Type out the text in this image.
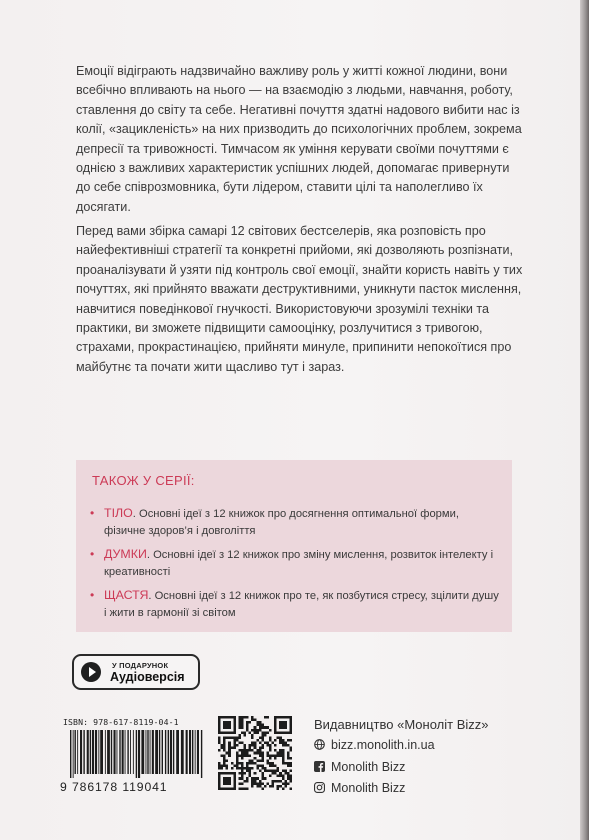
Емоції відіграють надзвичайно важливу роль у житті кожної людини, вони всебічно впливають на нього — на взаємодію з людьми, навчання, роботу, ставлення до світу та себе. Негативні почуття здатні надового вибити нас із колії, «зацикленість» на них призводить до психологічних проблем, зокрема депресії та тривожності. Тимчасом як уміння керувати своїми почуттями є однією з важливих характеристик успішних людей, допомагає привернути до себе співрозмовника, бути лідером, ставити цілі та наполегливо їх досягати.

Перед вами збірка самарі 12 світових бестселерів, яка розповість про найефективніші стратегії та конкретні прийоми, які дозволяють розпізнати, проаналізувати й узяти під контроль свої емоції, знайти користь навіть у тих почуттях, які прийнято вважати деструктивними, уникнути пасток мислення, навчитися поведінкової гнучкості. Використовуючи зрозумілі техніки та практики, ви зможете підвищити самооцінку, розлучитися з тривогою, страхами, прокрастинацією, прийняти минуле, припинити непокоїтися про майбутнє та почати жити щасливо тут і зараз.

ТАКОЖ У СЕРІЇ:
• ТІЛО. Основні ідеї з 12 книжок про досягнення оптимальної форми, фізичне здоров’я і довголіття
• ДУМКИ. Основні ідеї з 12 книжок про зміну мислення, розвиток інтелекту і креативності
• ЩАСТЯ. Основні ідеї з 12 книжок про те, як позбутися стресу, зцілити душу і жити в гармонії зі світом
У ПОДАРУНОК
Аудіоверсія
ISBN: 978-617-8119-04-1
9 786178 119041
Видавництво «Моноліт Bizz»
bizz.monolith.in.ua
Monolith Bizz
Monolith Bizz
